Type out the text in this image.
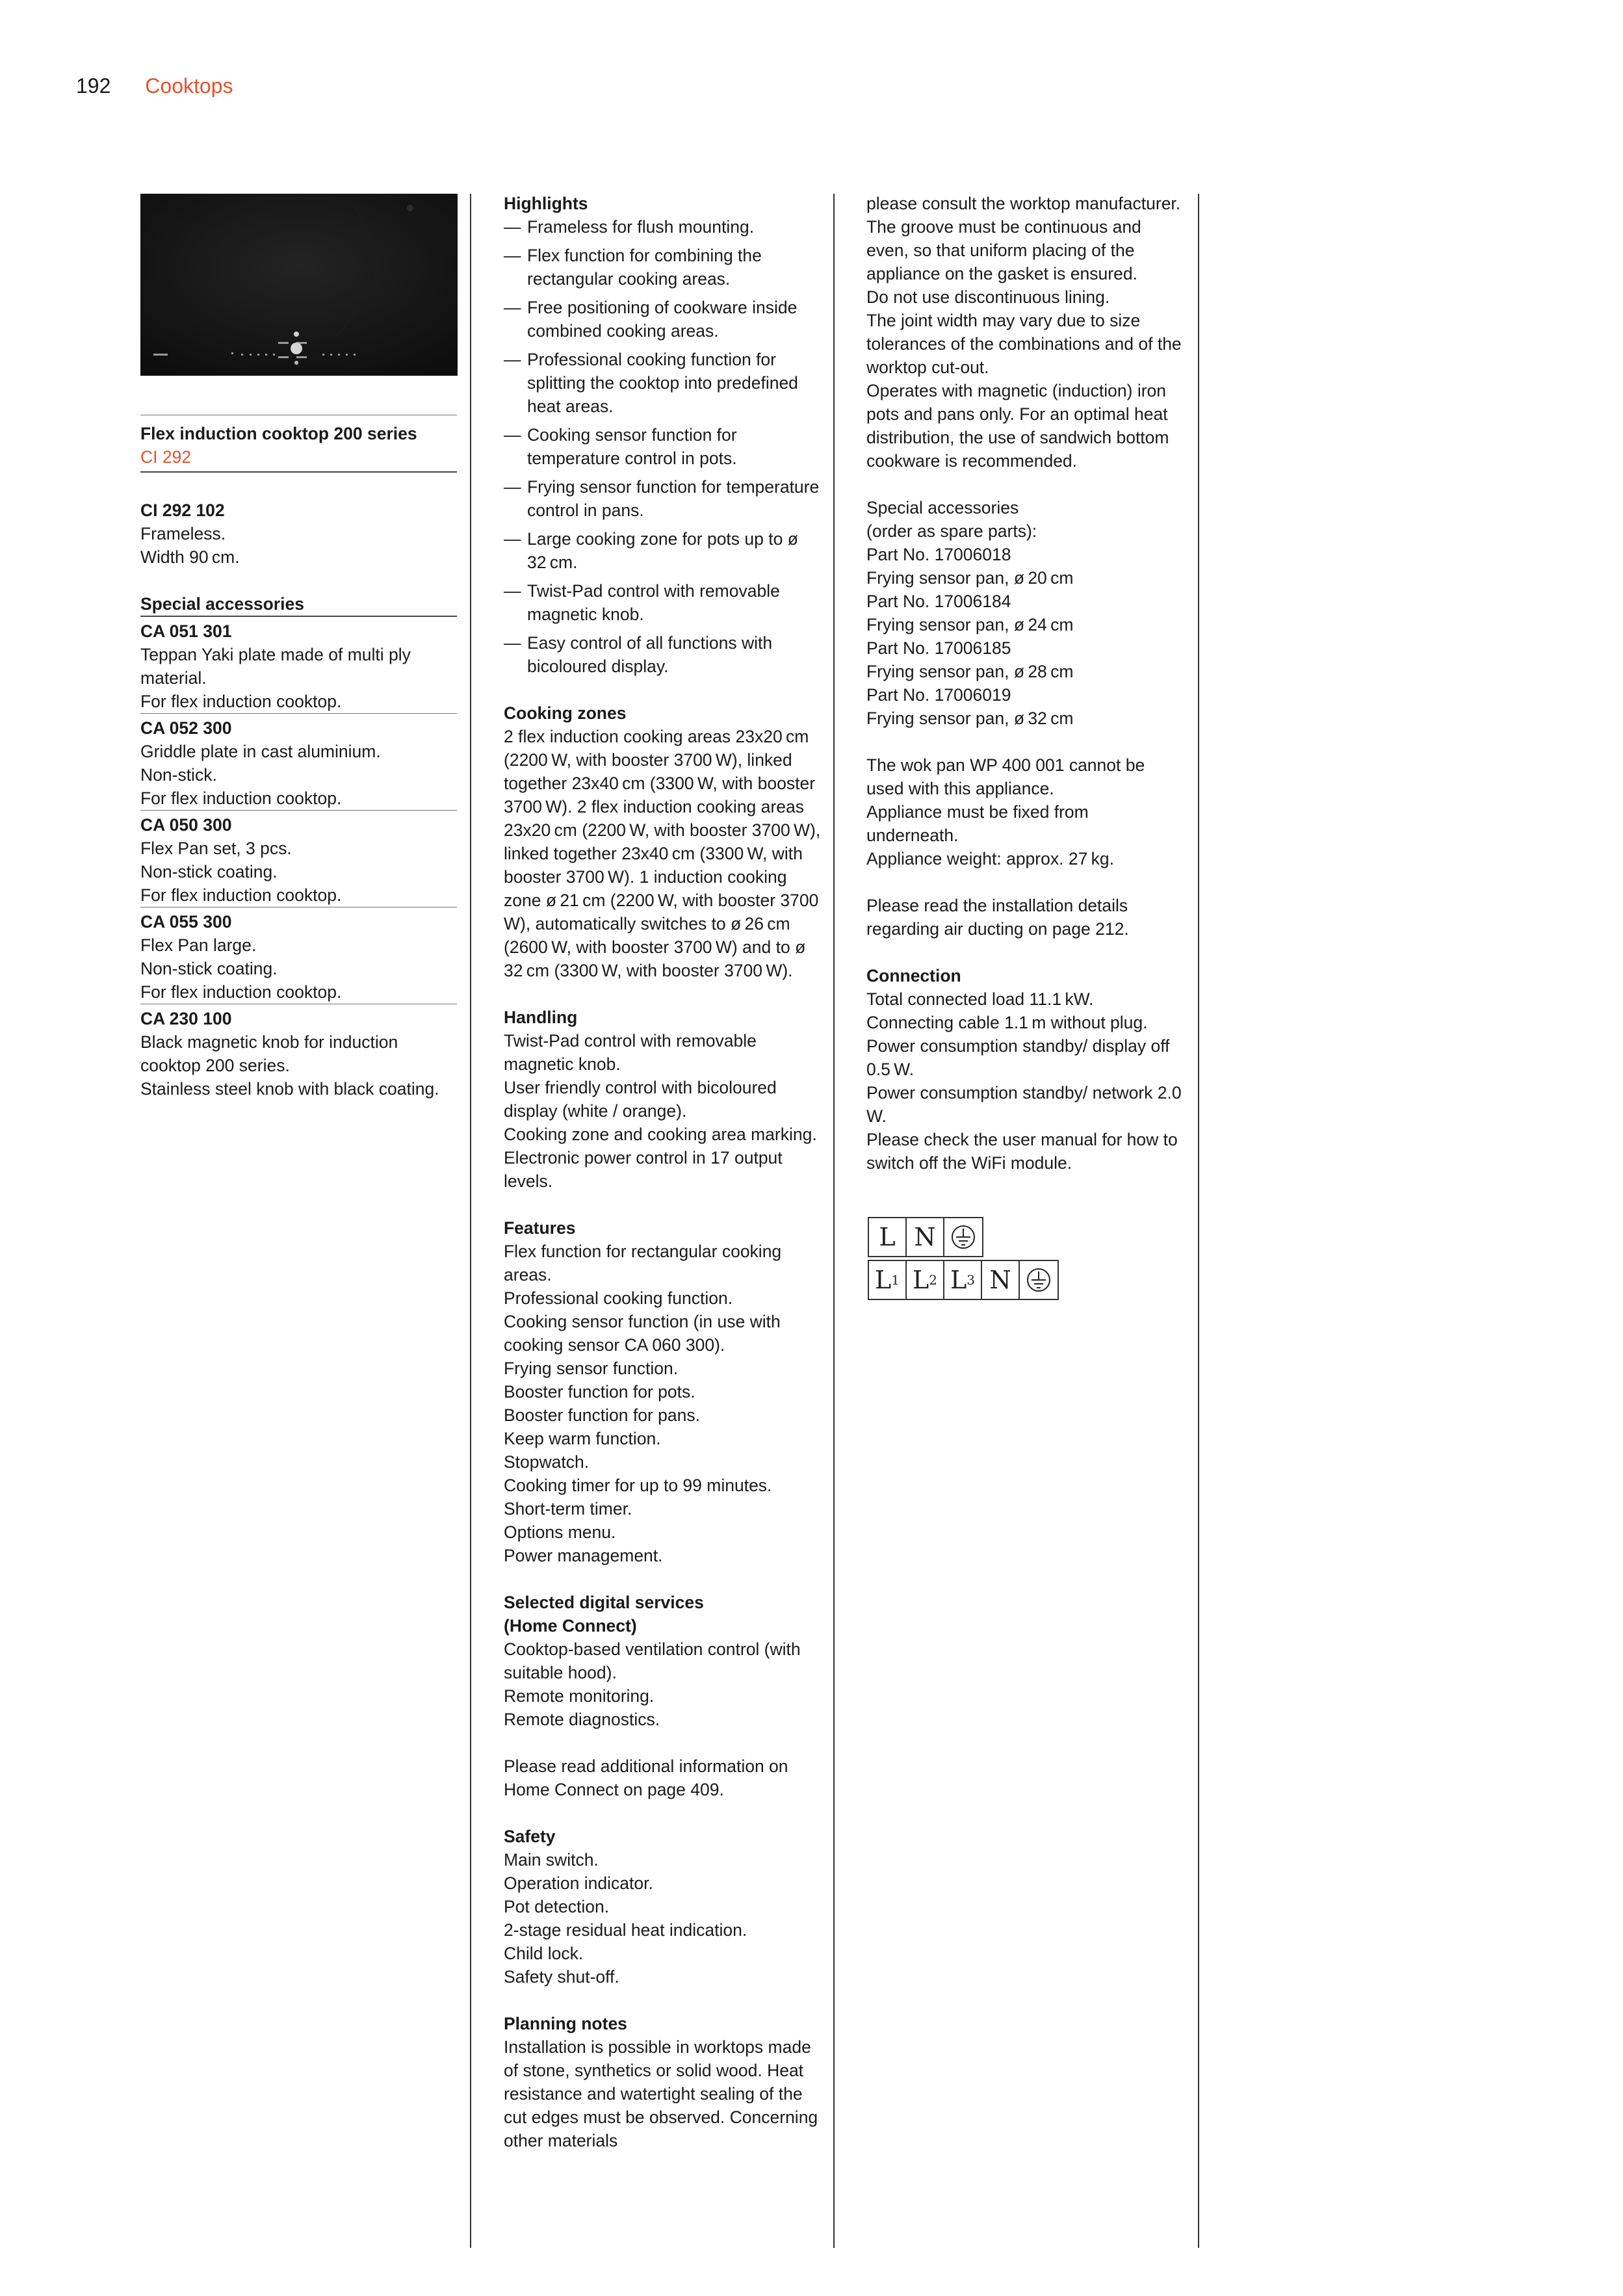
192 Cooktops

Flex induction cooktop 200 series

CI 292

CI 292 102

Frameless.

Width 90 cm.

Special accessories

CA 051 301

Teppan Yaki plate made of multi ply material.

For flex induction cooktop.

CA 052 300

Griddle plate in cast aluminium.

Non-stick.

For flex induction cooktop.

CA 050 300

Flex Pan set, 3 pcs.

Non-stick coating.

For flex induction cooktop.

CA 055 300

Flex Pan large.

Non-stick coating.

For flex induction cooktop.

CA 230 100

Black magnetic knob for induction cooktop 200 series.

Stainless steel knob with black coating.

Highlights

— Frameless for flush mounting.

— Flex function for combining the rectangular cooking areas.

— Free positioning of cookware inside combined cooking areas.

— Professional cooking function for splitting the cooktop into predefined heat areas.

— Cooking sensor function for temperature control in pots.

— Frying sensor function for temperature control in pans.

— Large cooking zone for pots up to ø 32 cm.

— Twist-Pad control with removable magnetic knob.

— Easy control of all functions with bicoloured display.

Cooking zones

2 flex induction cooking areas 23x20 cm (2200 W, with booster 3700 W), linked together 23x40 cm (3300 W, with booster 3700 W). 2 flex induction cooking areas 23x20 cm (2200 W, with booster 3700 W), linked together 23x40 cm (3300 W, with booster 3700 W). 1 induction cooking zone ø 21 cm (2200 W, with booster 3700 W), automatically switches to ø 26 cm (2600 W, with booster 3700 W) and to ø 32 cm (3300 W, with booster 3700 W).

Handling

Twist-Pad control with removable magnetic knob.

User friendly control with bicoloured display (white / orange).

Cooking zone and cooking area marking.

Electronic power control in 17 output levels.

Features

Flex function for rectangular cooking areas.

Professional cooking function.

Cooking sensor function (in use with cooking sensor CA 060 300).

Frying sensor function.

Booster function for pots.

Booster function for pans.

Keep warm function.

Stopwatch.

Cooking timer for up to 99 minutes.

Short-term timer.

Options menu.

Power management.

Selected digital services

(Home Connect)

Cooktop-based ventilation control (with suitable hood).

Remote monitoring.

Remote diagnostics.

Please read additional information on Home Connect on page 409.

Safety

Main switch.

Operation indicator.

Pot detection.

2-stage residual heat indication.

Child lock.

Safety shut-off.

Planning notes

Installation is possible in worktops made of stone, synthetics or solid wood. Heat resistance and watertight sealing of the cut edges must be observed. Concerning other materials

please consult the worktop manufacturer.

The groove must be continuous and even, so that uniform placing of the appliance on the gasket is ensured.

Do not use discontinuous lining.

The joint width may vary due to size tolerances of the combinations and of the worktop cut-out.

Operates with magnetic (induction) iron pots and pans only. For an optimal heat distribution, the use of sandwich bottom cookware is recommended.

Special accessories

(order as spare parts):

Part No. 17006018

Frying sensor pan, ø 20 cm

Part No. 17006184

Frying sensor pan, ø 24 cm

Part No. 17006185

Frying sensor pan, ø 28 cm

Part No. 17006019

Frying sensor pan, ø 32 cm

The wok pan WP 400 001 cannot be used with this appliance.

Appliance must be fixed from underneath.

Appliance weight: approx. 27 kg.

Please read the installation details regarding air ducting on page 212.

Connection

Total connected load 11.1 kW.

Connecting cable 1.1 m without plug.

Power consumption standby/ display off 0.5 W.

Power consumption standby/ network 2.0 W.

Please check the user manual for how to switch off the WiFi module.

L N
L 1 L 2 L 3 N
